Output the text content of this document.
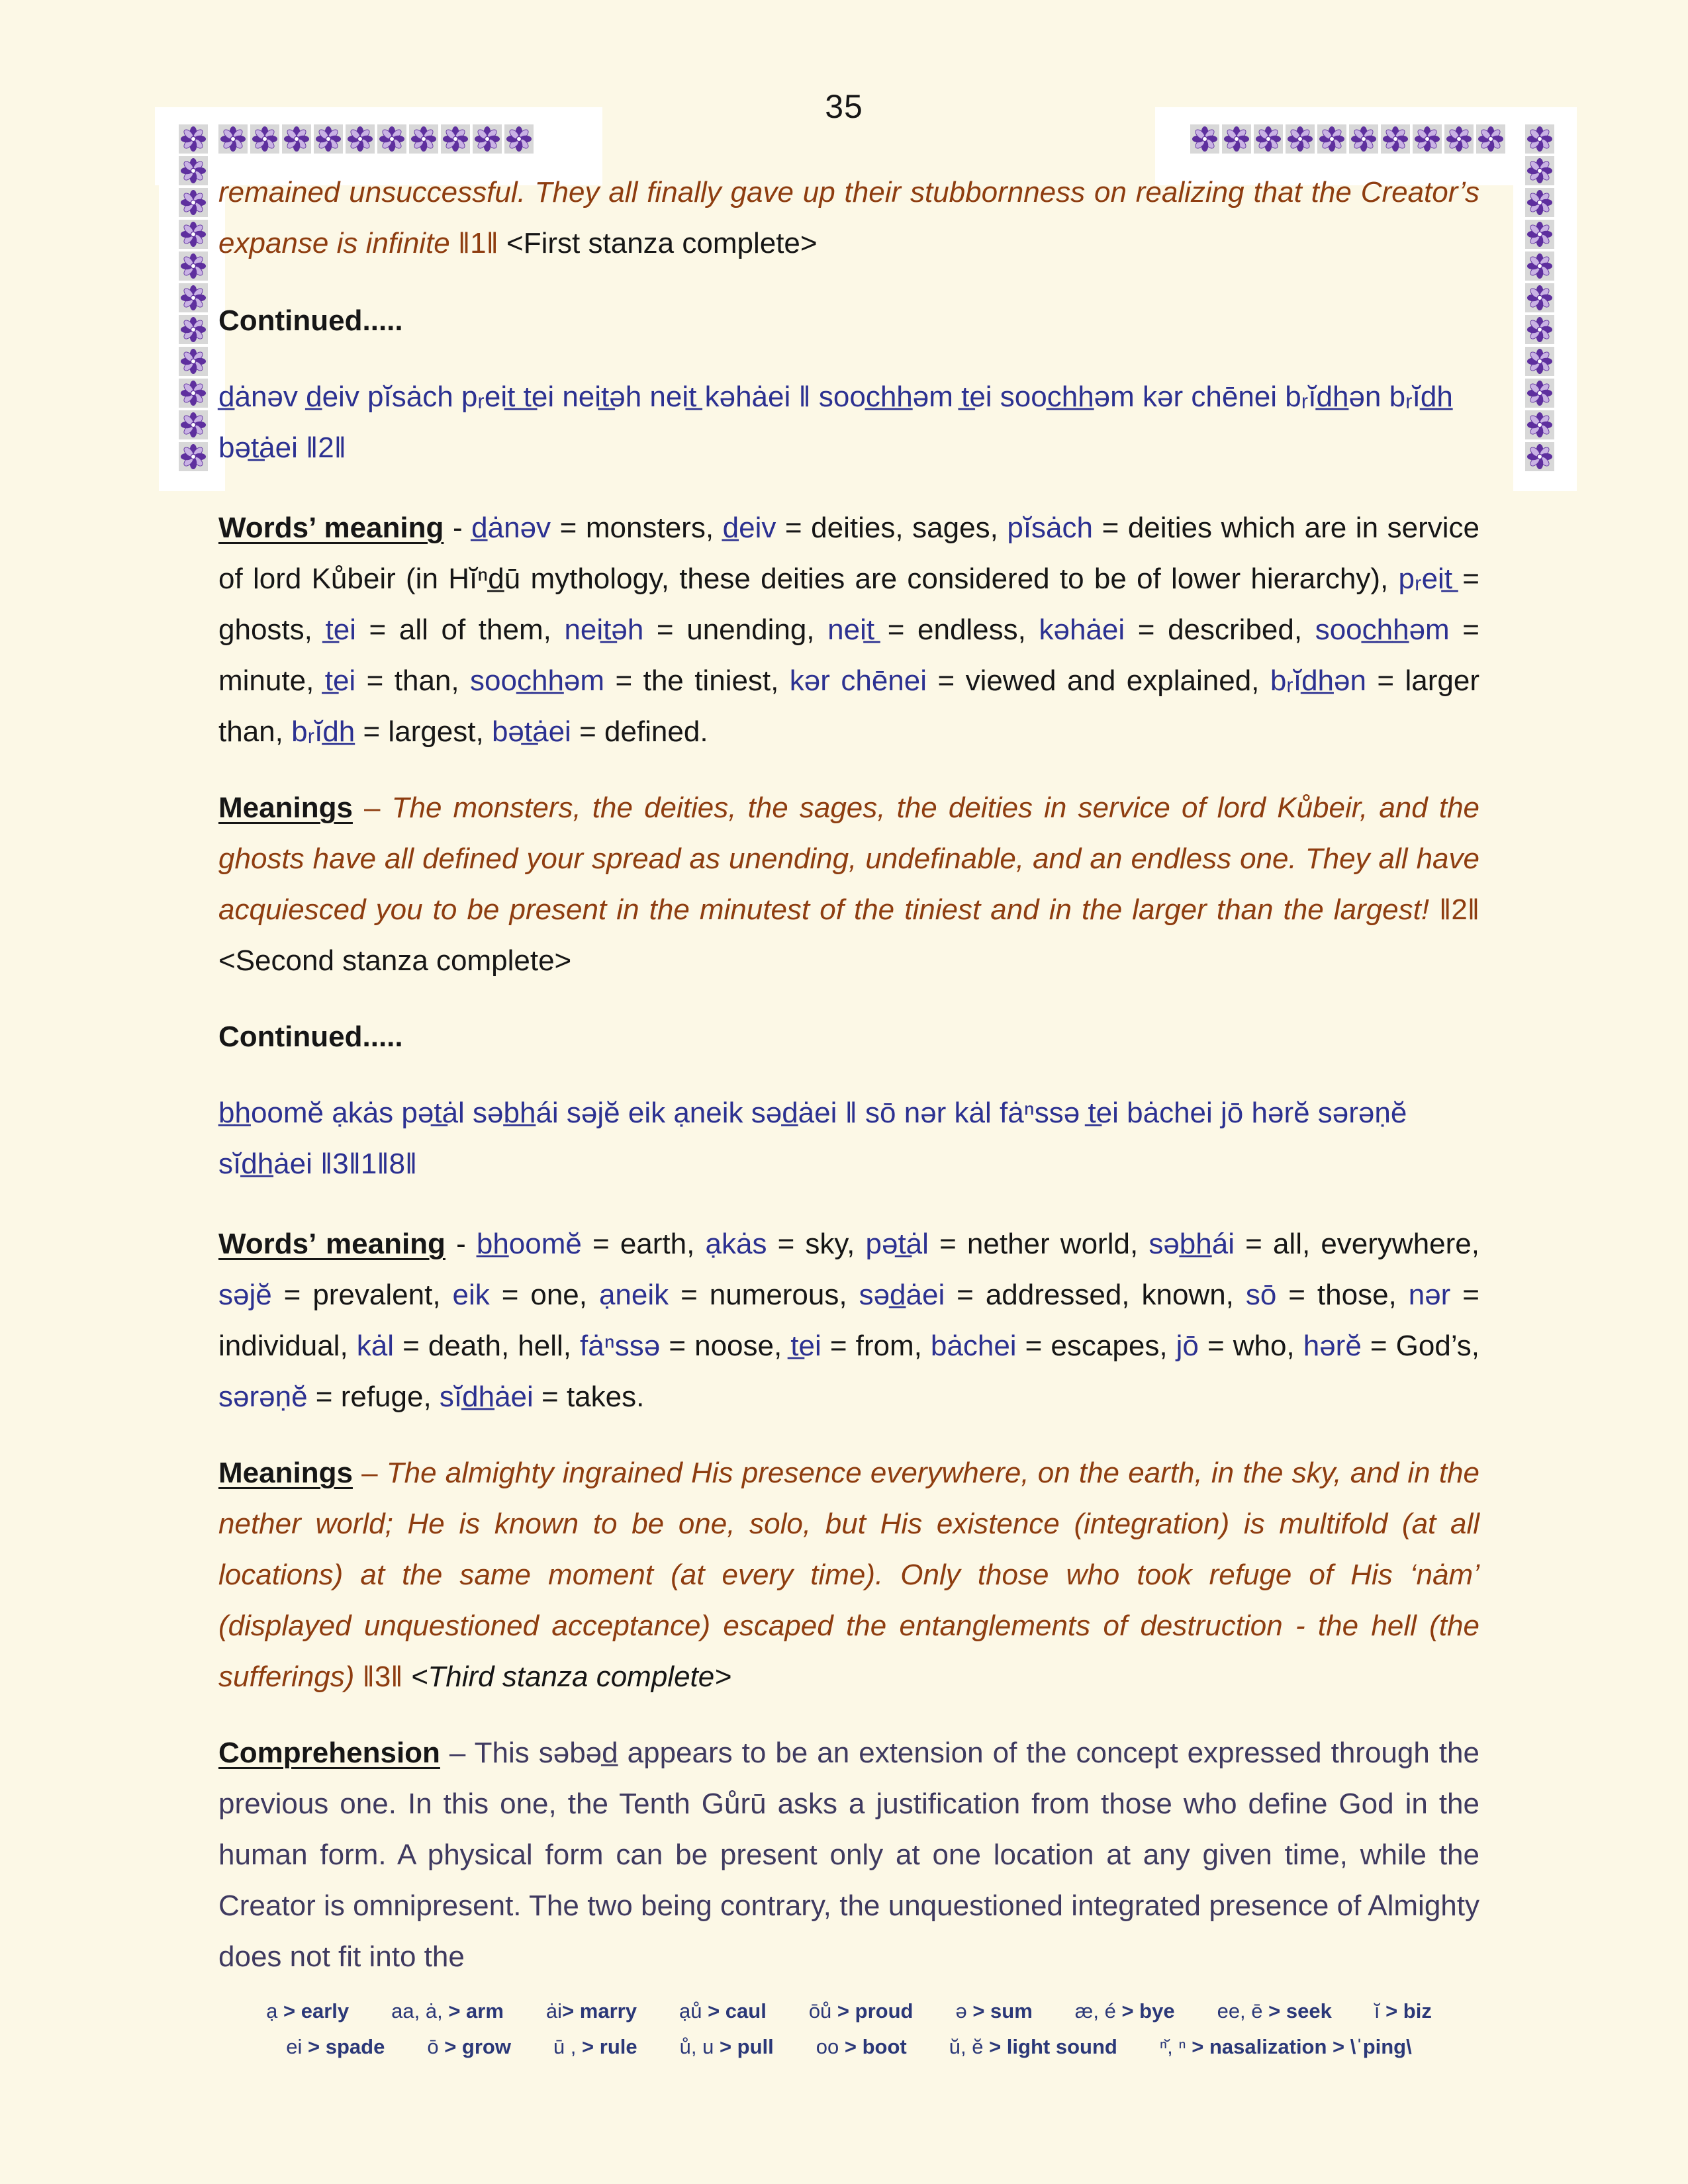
35

remained unsuccessful. They all finally gave up their stubbornness on realizing that the Creator’s expanse is infinite ǁ1ǁ <First stanza complete>

Continued.....

d̲ȧnəv d̲eiv pĭsȧch pᵣeit̲ t̲ei neit̲əh neit̲ kəhȧei ǁ sooc̲h̲h̲əm t̲ei sooc̲h̲h̲əm kər chēnei bᵣĭd̲h̲ən bᵣĭd̲h̲ bət̲ȧei ǁ2ǁ

Words’ meaning - d̲ȧnəv = monsters, d̲eiv = deities, sages, pĭsȧch = deities which are in service of lord Kůbeir (in Hĭⁿd̲ū mythology, these deities are considered to be of lower hierarchy), pᵣeit̲ = ghosts, t̲ei = all of them, neit̲əh = unending, neit̲ = endless, kəhȧei = described, sooc̲h̲h̲əm = minute, t̲ei = than, sooc̲h̲h̲əm = the tiniest, kər chēnei = viewed and explained, bᵣĭd̲h̲ən = larger than, bᵣĭd̲h̲ = largest, bət̲ȧei = defined.

Meanings – The monsters, the deities, the sages, the deities in service of lord Kůbeir, and the ghosts have all defined your spread as unending, undefinable, and an endless one. They all have acquiesced you to be present in the minutest of the tiniest and in the larger than the largest! ǁ2ǁ <Second stanza complete>

Continued.....

b̲h̲oomĕ ạkȧs pət̲ȧl səb̲h̲ái səjĕ eik ạneik səd̲ȧei ǁ sō nər kȧl fȧⁿssə t̲ei bȧchei jō hərĕ sərəṇĕ sĭd̲h̲ȧei ǁ3ǁ1ǁ8ǁ

Words’ meaning - b̲h̲oomĕ = earth, ạkȧs = sky, pət̲ȧl = nether world, səb̲h̲ái = all, everywhere, səjĕ = prevalent, eik = one, ạneik = numerous, səd̲ȧei = addressed, known, sō = those, nər = individual, kȧl = death, hell, fȧⁿssə = noose, t̲ei = from, bȧchei = escapes, jō = who, hərĕ = God’s, sərəṇĕ = refuge, sĭd̲h̲ȧei = takes.

Meanings – The almighty ingrained His presence everywhere, on the earth, in the sky, and in the nether world; He is known to be one, solo, but His existence (integration) is multifold (at all locations) at the same moment (at every time). Only those who took refuge of His ‘nȧm’ (displayed unquestioned acceptance) escaped the entanglements of destruction - the hell (the sufferings) ǁ3ǁ <Third stanza complete>

Comprehension – This səbəd̲ appears to be an extension of the concept expressed through the previous one. In this one, the Tenth Gůrū asks a justification from those who define God in the human form. A physical form can be present only at one location at any given time, while the Creator is omnipresent. The two being contrary, the unquestioned integrated presence of Almighty does not fit into the

ạ > early aa, ȧ, > arm ȧi> marry ạů > caul ōů > proud ə > sum æ, é > bye ee, ē > seek ĭ > biz
ei > spade ō > grow ū , > rule ů, u > pull oo > boot ŭ, ĕ > light sound ⁿ̆, ⁿ > nasalization > \ˈping\
